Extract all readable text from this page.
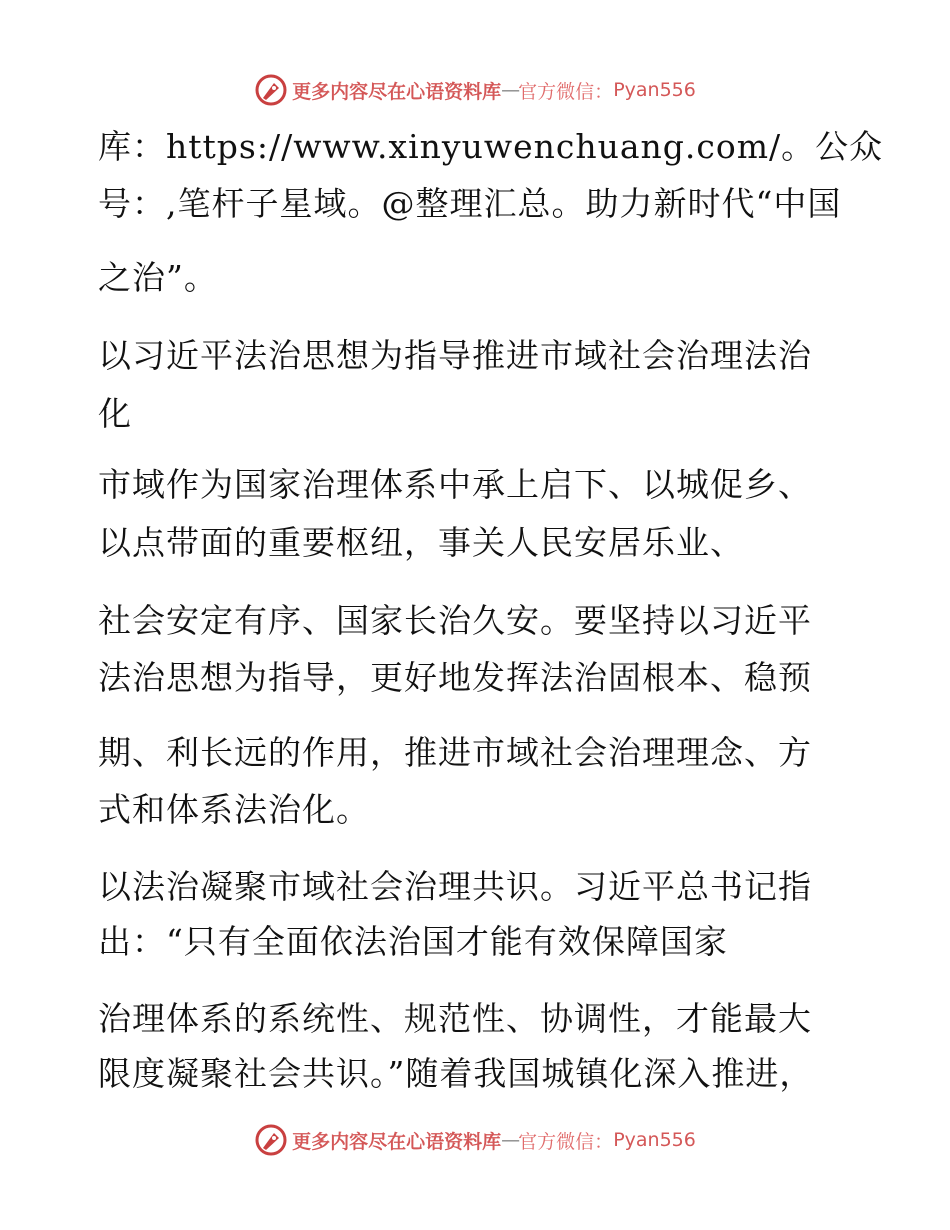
更多内容尽在心语资料库 — 官方微信： Pyan556
库：https://www.xinyuwenchuang.com/。公众
号：,笔杆子星域。@整理汇总。助力新时代“中国
之治”。
以习近平法治思想为指导推进市域社会治理法治
化
市域作为国家治理体系中承上启下、以城促乡、
以点带面的重要枢纽，事关人民安居乐业、
社会安定有序、国家长治久安。要坚持以习近平
法治思想为指导，更好地发挥法治固根本、稳预
期、利长远的作用，推进市域社会治理理念、方
式和体系法治化。
以法治凝聚市域社会治理共识。习近平总书记指
出：“只有全面依法治国才能有效保障国家
治理体系的系统性、规范性、协调性，才能最大
限度凝聚社会共识。”随着我国城镇化深入推进，
更多内容尽在心语资料库 — 官方微信： Pyan556
